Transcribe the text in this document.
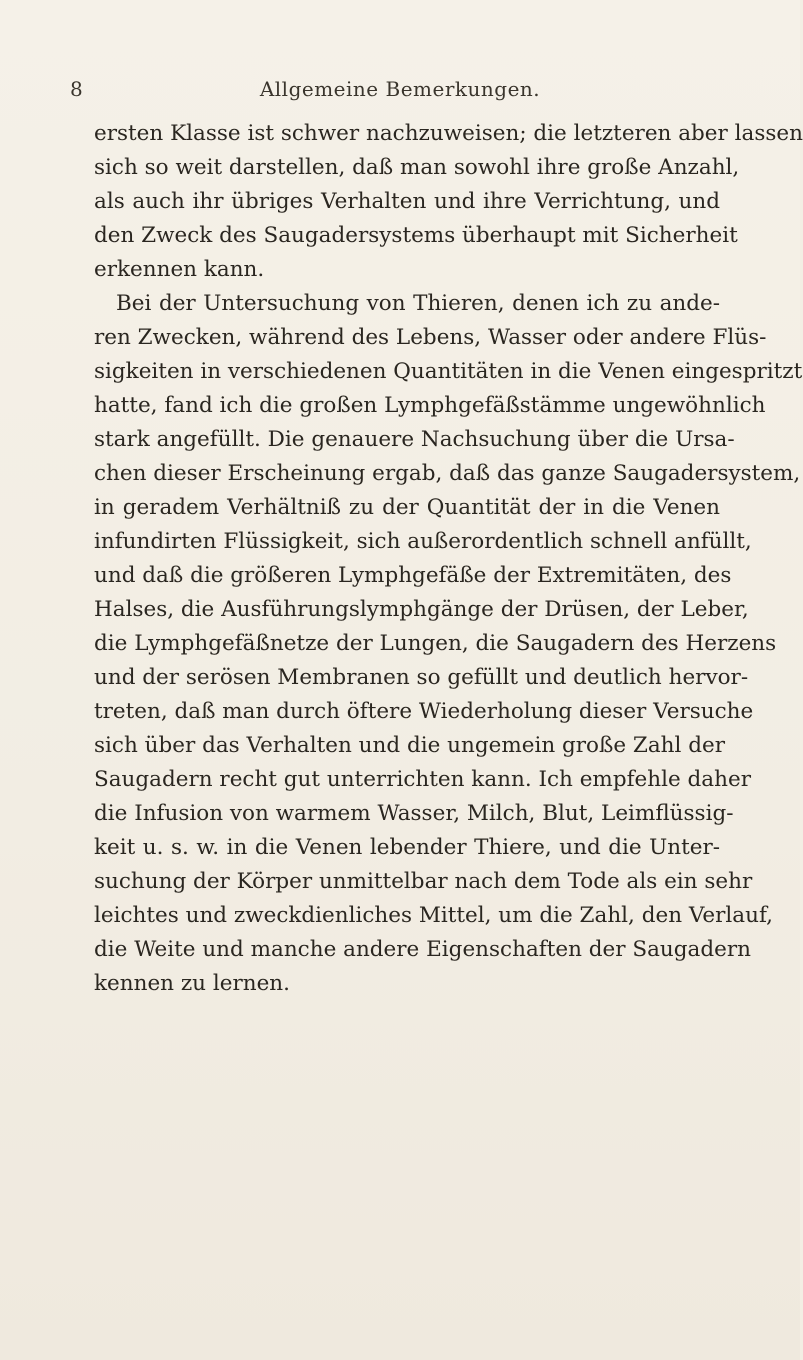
8	Allgemeine Bemerkungen.
ersten Klasse ist schwer nachzuweisen; die letzteren aber lassen
sich so weit darstellen, daß man sowohl ihre große Anzahl,
als auch ihr übriges Verhalten und ihre Verrichtung, und
den Zweck des Saugadersystems überhaupt mit Sicherheit
erkennen kann.
Bei der Untersuchung von Thieren, denen ich zu ande-
ren Zwecken, während des Lebens, Wasser oder andere Flüs-
sigkeiten in verschiedenen Quantitäten in die Venen eingespritzt
hatte, fand ich die großen Lymphgefäßstämme ungewöhnlich
stark angefüllt. Die genauere Nachsuchung über die Ursa-
chen dieser Erscheinung ergab, daß das ganze Saugadersystem,
in geradem Verhältniß zu der Quantität der in die Venen
infundirten Flüssigkeit, sich außerordentlich schnell anfüllt,
und daß die größeren Lymphgefäße der Extremitäten, des
Halses, die Ausführungslymphgänge der Drüsen, der Leber,
die Lymphgefäßnetze der Lungen, die Saugadern des Herzens
und der serösen Membranen so gefüllt und deutlich hervor-
treten, daß man durch öftere Wiederholung dieser Versuche
sich über das Verhalten und die ungemein große Zahl der
Saugadern recht gut unterrichten kann. Ich empfehle daher
die Infusion von warmem Wasser, Milch, Blut, Leimflüssig-
keit u. s. w. in die Venen lebender Thiere, und die Unter-
suchung der Körper unmittelbar nach dem Tode als ein sehr
leichtes und zweckdienliches Mittel, um die Zahl, den Verlauf,
die Weite und manche andere Eigenschaften der Saugadern
kennen zu lernen.
